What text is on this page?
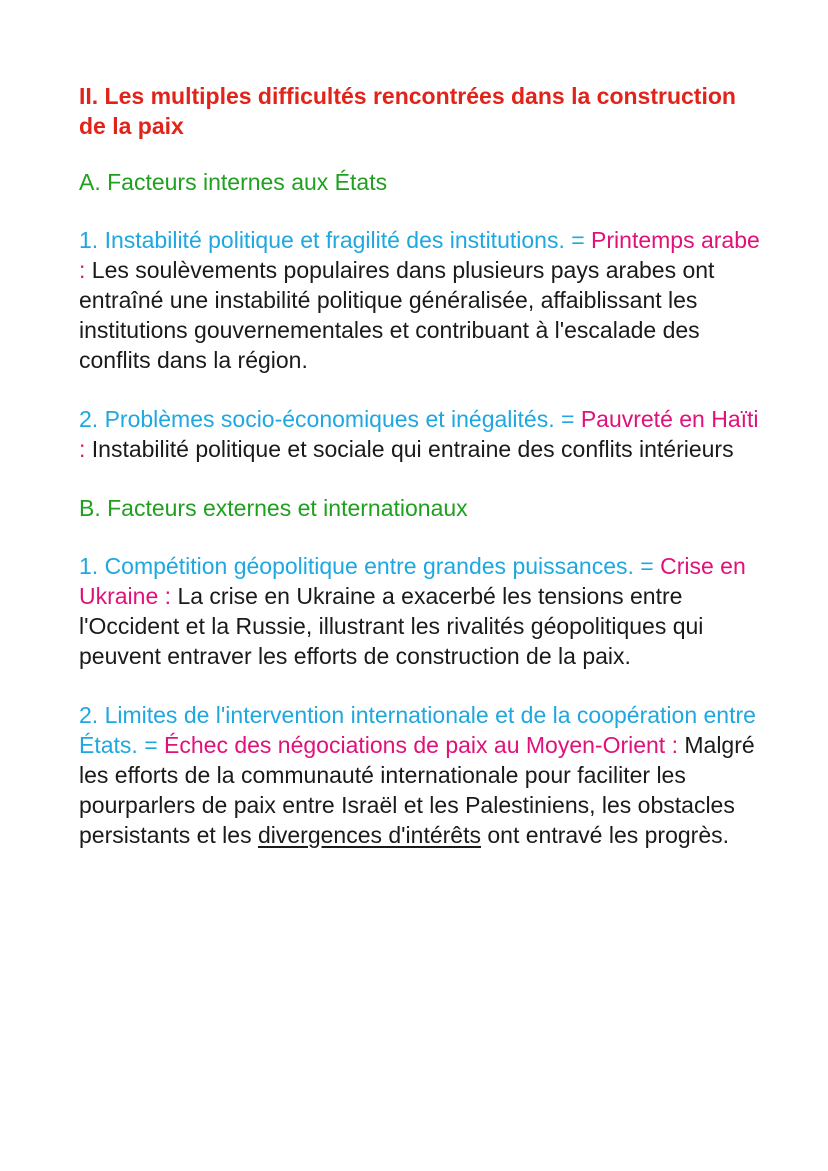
II. Les multiples difficultés rencontrées dans la construction de la paix
A. Facteurs internes aux États

1. Instabilité politique et fragilité des institutions. = Printemps arabe : Les soulèvements populaires dans plusieurs pays arabes ont entraîné une instabilité politique généralisée, affaiblissant les institutions gouvernementales et contribuant à l'escalade des conflits dans la région.

2. Problèmes socio-économiques et inégalités. = Pauvreté en Haïti : Instabilité politique et sociale qui entraine des conflits intérieurs

B. Facteurs externes et internationaux

1. Compétition géopolitique entre grandes puissances. = Crise en Ukraine : La crise en Ukraine a exacerbé les tensions entre l'Occident et la Russie, illustrant les rivalités géopolitiques qui peuvent entraver les efforts de construction de la paix.

2. Limites de l'intervention internationale et de la coopération entre États. = Échec des négociations de paix au Moyen-Orient : Malgré les efforts de la communauté internationale pour faciliter les pourparlers de paix entre Israël et les Palestiniens, les obstacles persistants et les divergences d'intérêts ont entravé les progrès.
